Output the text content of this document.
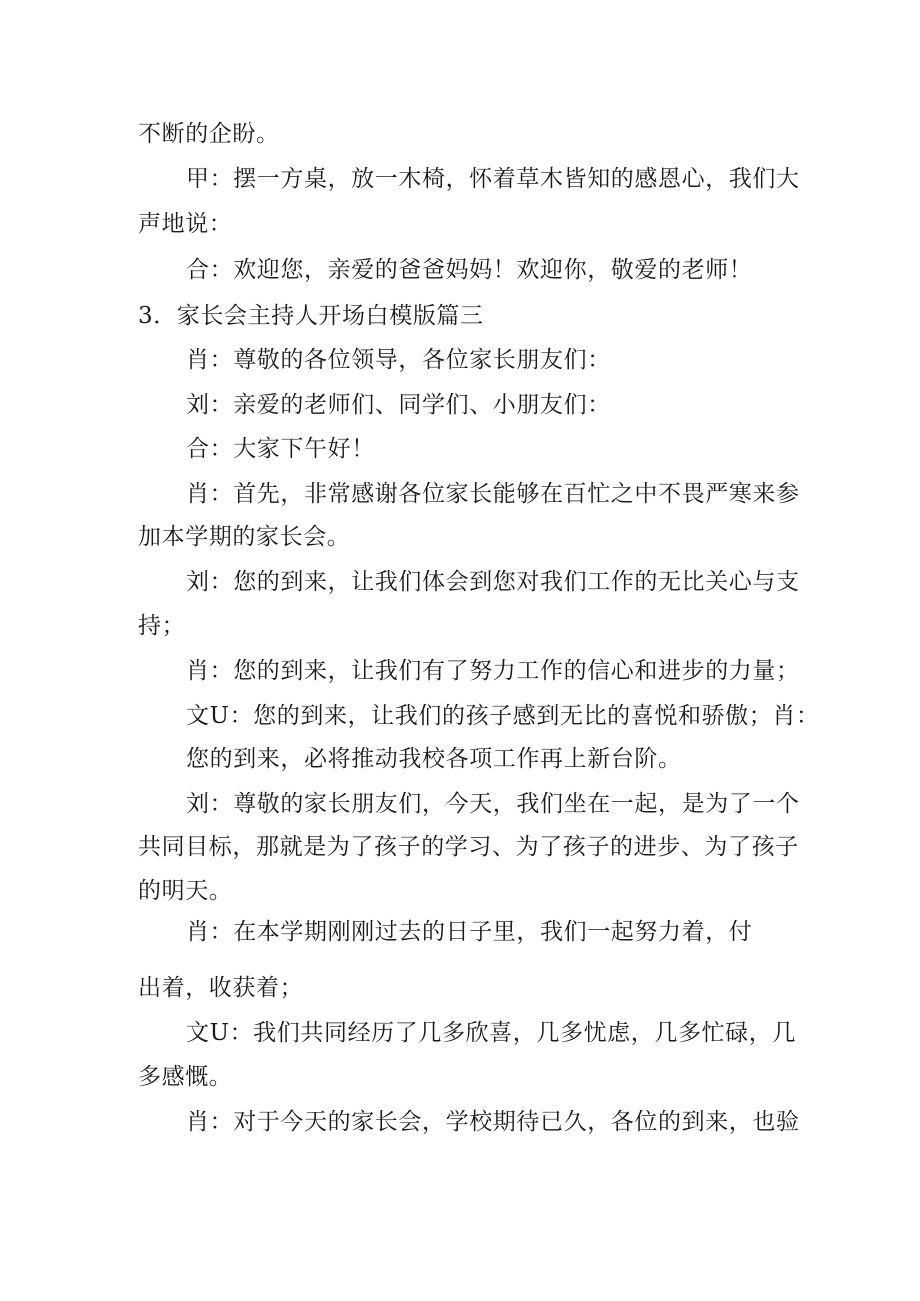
不断的企盼。
甲：摆一方桌，放一木椅，怀着草木皆知的感恩心，我们大
声地说：
合：欢迎您，亲爱的爸爸妈妈！欢迎你，敬爱的老师！
3．家长会主持人开场白模版篇三
肖：尊敬的各位领导，各位家长朋友们：
刘：亲爱的老师们、同学们、小朋友们：
合：大家下午好！
肖：首先，非常感谢各位家长能够在百忙之中不畏严寒来参
加本学期的家长会。
刘：您的到来，让我们体会到您对我们工作的无比关心与支
持；
肖：您的到来，让我们有了努力工作的信心和进步的力量；
文U：您的到来，让我们的孩子感到无比的喜悦和骄傲；肖：
您的到来，必将推动我校各项工作再上新台阶。
刘：尊敬的家长朋友们，今天，我们坐在一起，是为了一个
共同目标，那就是为了孩子的学习、为了孩子的进步、为了孩子
的明天。
肖：在本学期刚刚过去的日子里，我们一起努力着，付
出着，收获着；
文U：我们共同经历了几多欣喜，几多忧虑，几多忙碌，几
多感慨。
肖：对于今天的家长会，学校期待已久，各位的到来，也验
